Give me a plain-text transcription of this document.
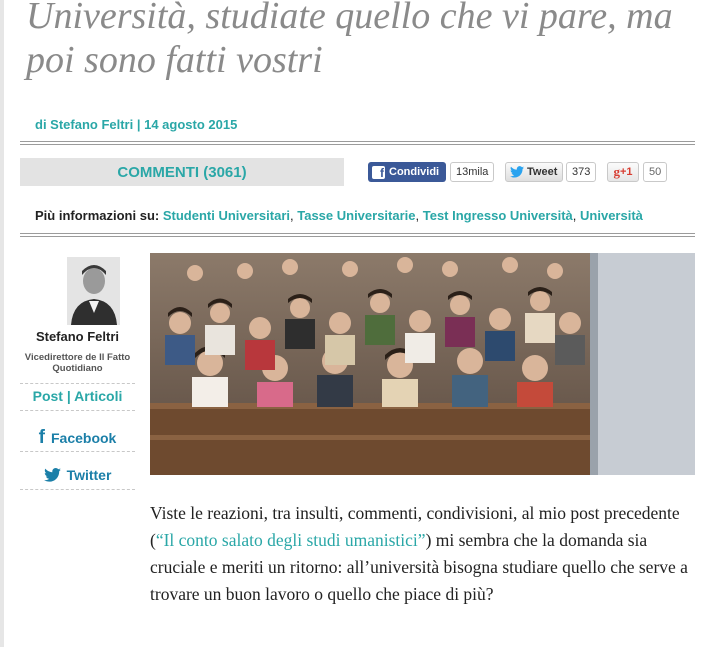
Università, studiate quello che vi pare, ma poi sono fatti vostri
di Stefano Feltri | 14 agosto 2015
COMMENTI (3061)	f Condividi	13mila	Tweet	373	g +1	50
Più informazioni su: Studenti Universitari, Tasse Universitarie, Test Ingresso Università, Università
Stefano Feltri
Vicedirettore de Il Fatto Quotidiano
Post | Articoli
f Facebook
Twitter

Viste le reazioni, tra insulti, commenti, condivisioni, al mio post precedente (“Il conto salato degli studi umanistici”) mi sembra che la domanda sia cruciale e meriti un ritorno: all’università bisogna studiare quello che serve a trovare un buon lavoro o quello che piace di più?
